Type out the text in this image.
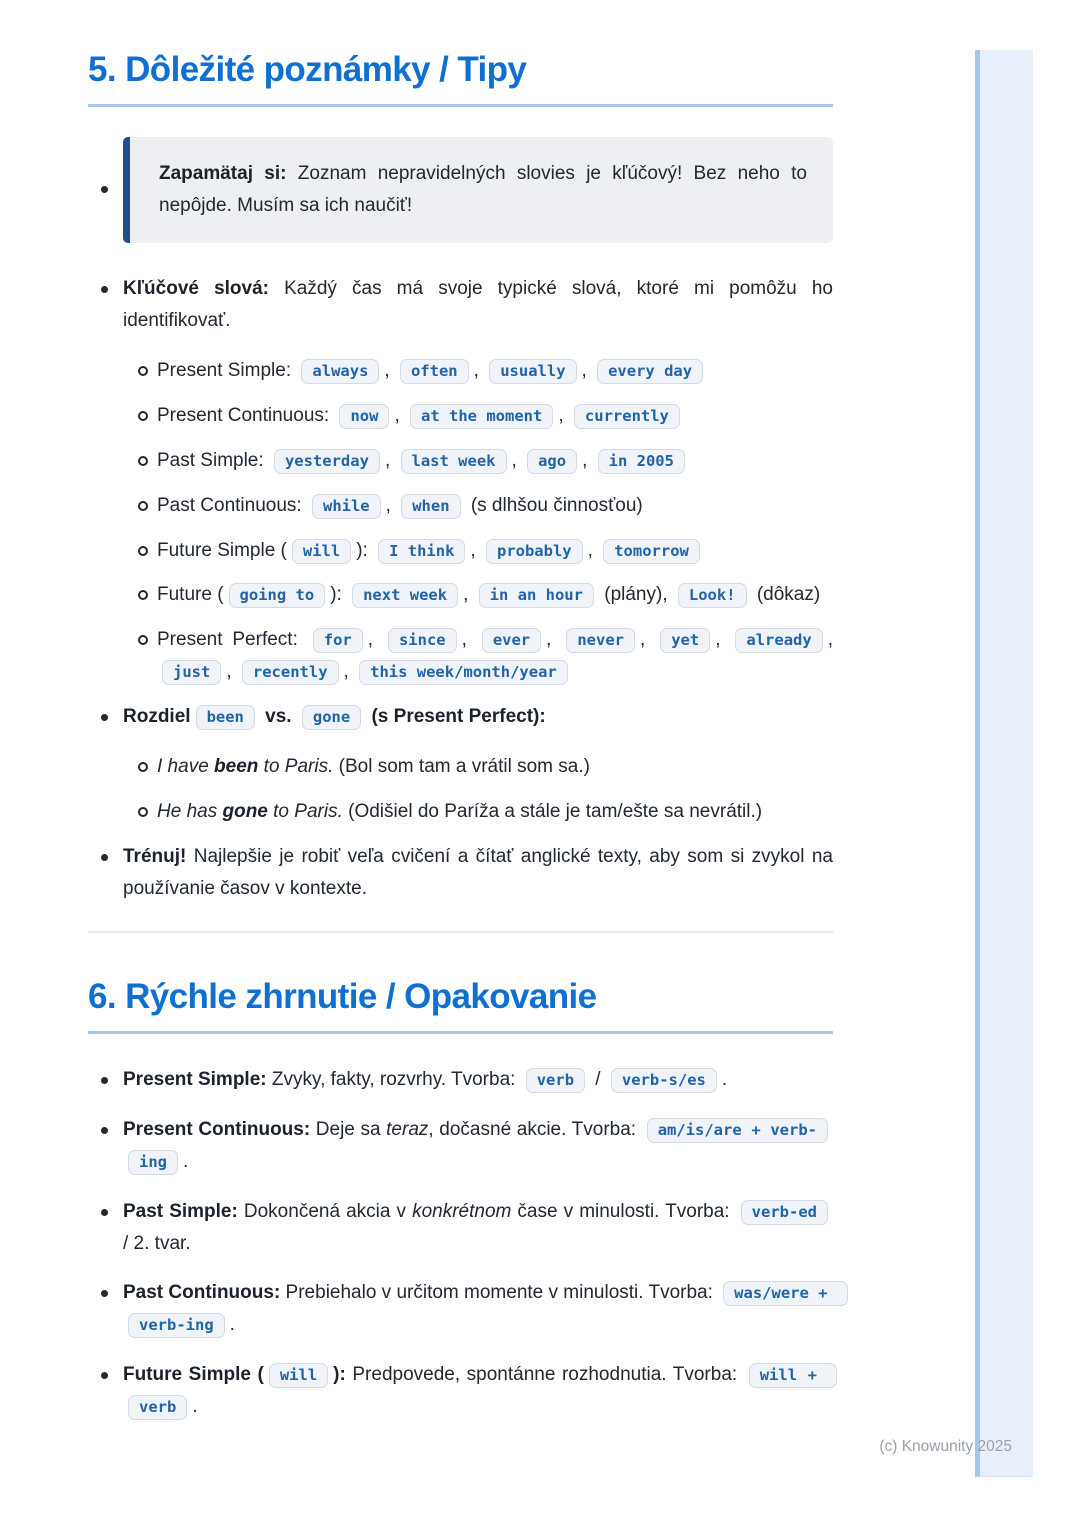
5. Dôležité poznámky / Tipy

Zapamätaj si: Zoznam nepravidelných slovies je kľúčový! Bez neho to nepôjde. Musím sa ich naučiť!

Kľúčové slová: Každý čas má svoje typické slová, ktoré mi pomôžu ho identifikovať.
Present Simple: always , often , usually , every day
Present Continuous: now , at the moment , currently
Past Simple: yesterday , last week , ago , in 2005
Past Continuous: while , when (s dlhšou činnosťou)
Future Simple ( will ): I think , probably , tomorrow
Future ( going to ): next week , in an hour (plány), Look! (dôkaz)
Present Perfect: for , since , ever , never , yet , already , just , recently , this week/month/year
Rozdiel been vs. gone (s Present Perfect):
I have been to Paris. (Bol som tam a vrátil som sa.)
He has gone to Paris. (Odišiel do Paríža a stále je tam/ešte sa nevrátil.)
Trénuj! Najlepšie je robiť veľa cvičení a čítať anglické texty, aby som si zvykol na používanie časov v kontexte.
6. Rýchle zhrnutie / Opakovanie
Present Simple: Zvyky, fakty, rozvrhy. Tvorba: verb / verb-s/es .
Present Continuous: Deje sa teraz, dočasné akcie. Tvorba: am/is/are + verb-ing .
Past Simple: Dokončená akcia v konkrétnom čase v minulosti. Tvorba: verb-ed / 2. tvar.
Past Continuous: Prebiehalo v určitom momente v minulosti. Tvorba: was/were + verb-ing .
Future Simple ( will ): Predpovede, spontánne rozhodnutia. Tvorba: will + verb .
(c) Knowunity 2025
